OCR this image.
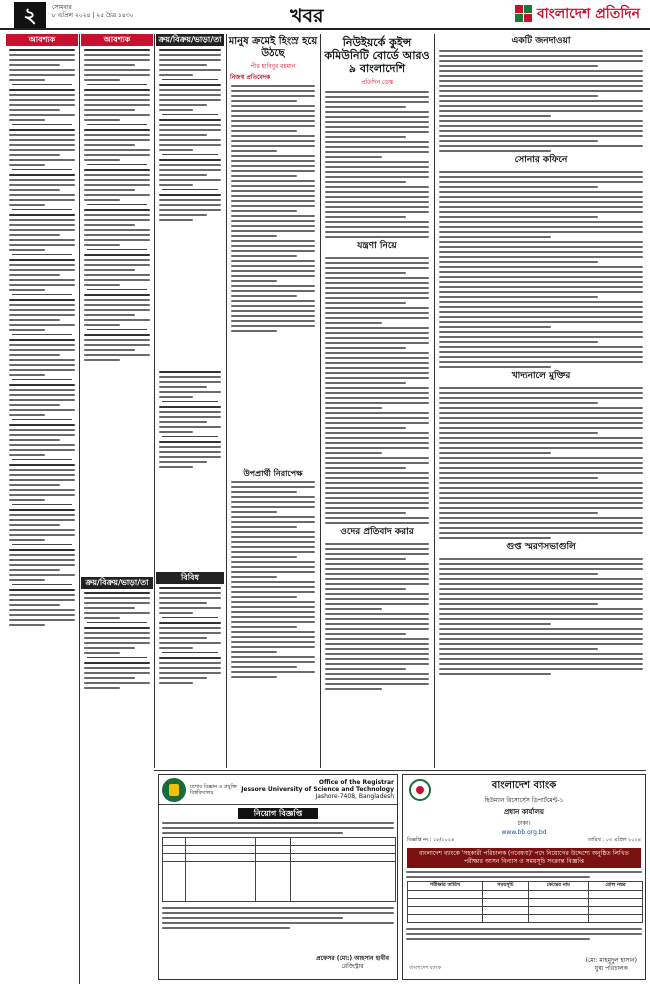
২	সোমবার
৮ এপ্রিল ২০২৪ | ২৫ চৈত্র ১৪৩০	খবর	বাংলাদেশ প্রতিদিন
আবশ্যক	আবশ্যক
ক্রয়/বিক্রয়/ভাড়া/তা
ক্রয়/বিক্রয়/ভাড়া/তা
বিবিধ
মানুষ ক্রমেই হিংস্র হয়ে উঠছে
পীর হাবিবুর রহমান
নিজস্ব প্রতিবেদক
উপপ্রার্থী নিরাপেক্ষ
নিউইয়র্কে কুইন্স কমিউনিটি বোর্ডে আরও ৯ বাংলাদেশি
প্রতিদিন ডেস্ক
যন্ত্রণা নিয়ে
ওদের প্রতিবাদ করার
একটি জনদাওয়া
সোনার কফিনে
খাদ্যনালে মুক্তির
গুপ্ত স্মরণসভাগুলি
যশোর বিজ্ঞান ও প্রযুক্তি বিশ্ববিদ্যালয়
Office of the Registrar
Jessore University of Science and Technology
Jashore-7408, Bangladesh
নিয়োগ বিজ্ঞপ্তি

প্রফেসর (মো:) আহসান হাবীব
রেজিস্ট্রার
বাংলাদেশ ব্যাংক
হিউম্যান রিসোর্সেস ডিপার্টমেন্ট-১
প্রধান কার্যালয়
ঢাকা।
www.bb.org.bd
বিজ্ঞপ্তি নং : ১৮/২০২৪	তারিখ : ০৩ এপ্রিল ২০২৪
বাংলাদেশ ব্যাংকে 'সহকারী পরিচালক (গবেষণা)' পদে নিয়োগের উদ্দেশ্যে অনুষ্ঠিত লিখিত পরীক্ষার আসন বিন্যাস ও সময়সূচি সংক্রান্ত বিজ্ঞপ্তি
পরীক্ষার তারিখ	সময়সূচি	কেন্দ্রের নাম	রোল নম্বর

বাংলাদেশ ব্যাংক
(মো: মাহমুদুল হাসান)
যুগ্ম পরিচালক
